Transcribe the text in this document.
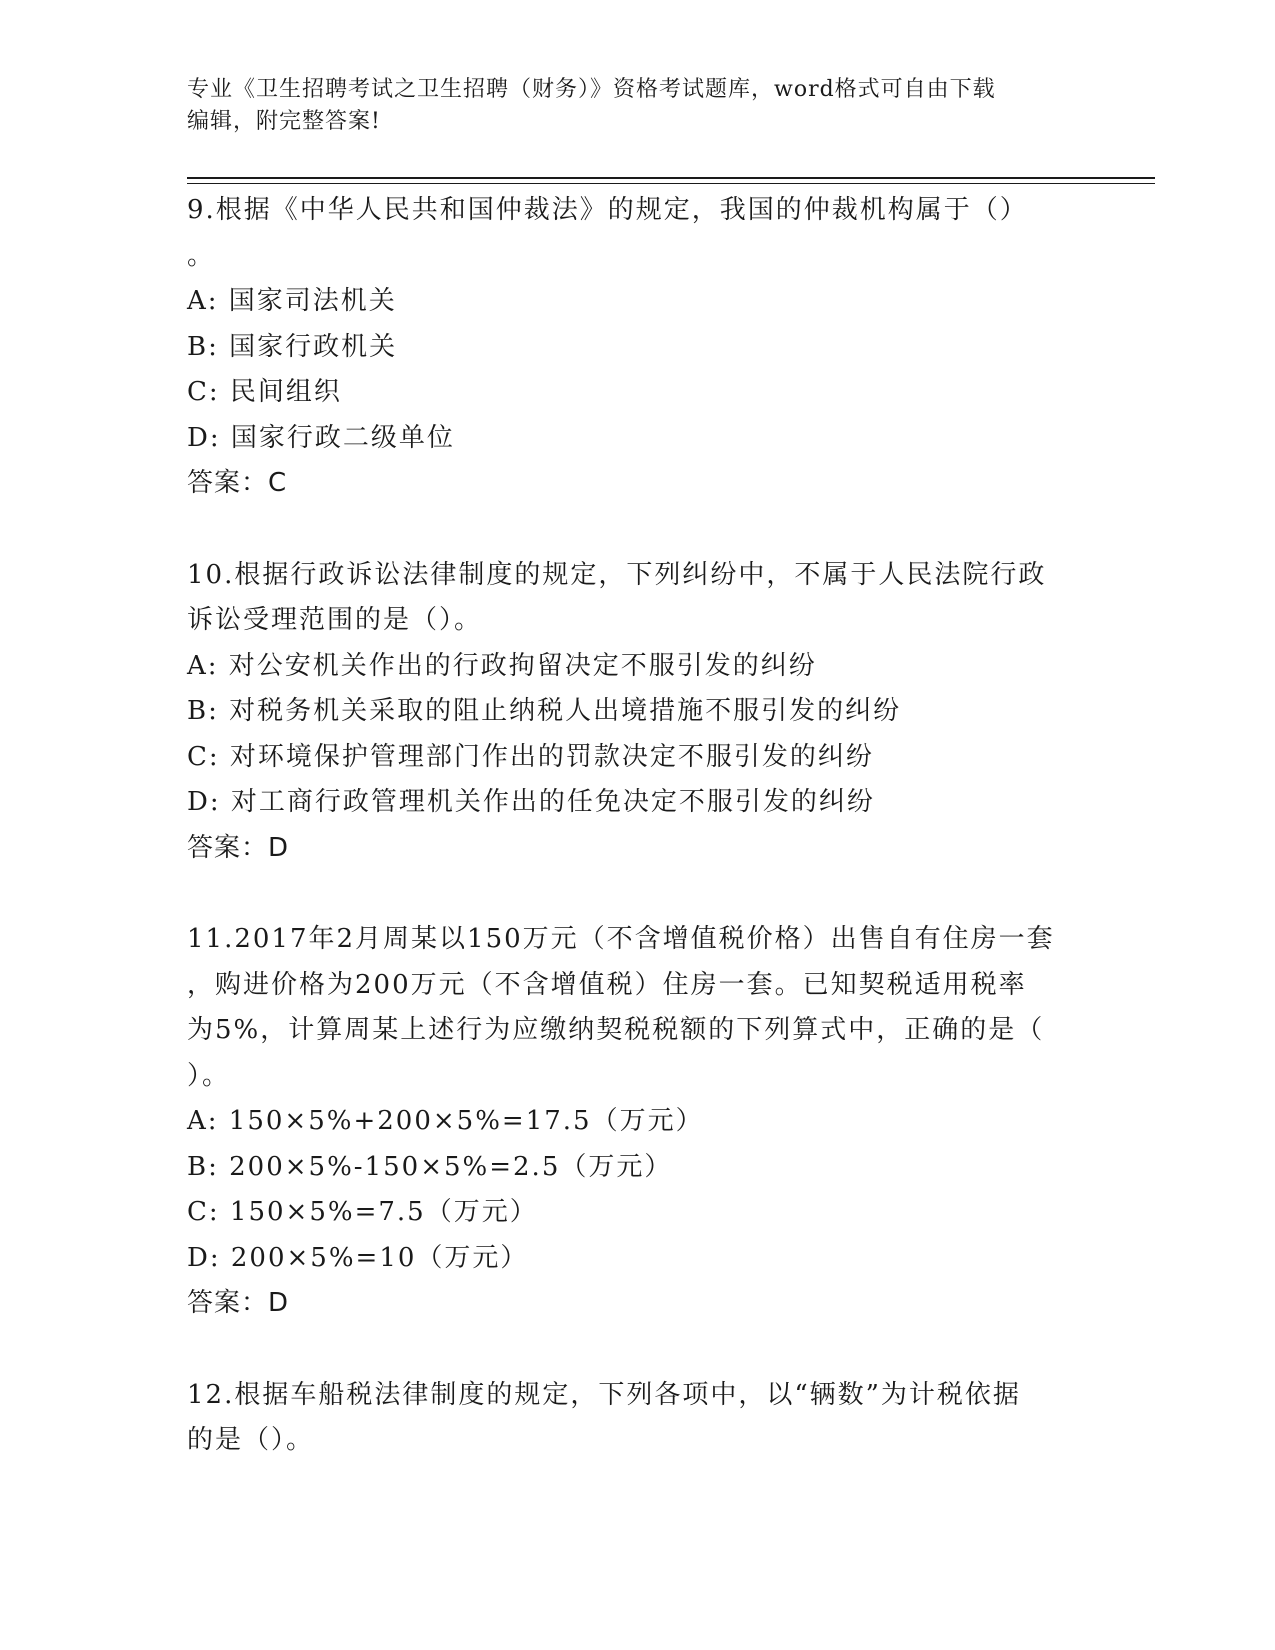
专业《卫生招聘考试之卫生招聘（财务）》资格考试题库，word格式可自由下载
编辑，附完整答案!
9.根据《中华人民共和国仲裁法》的规定，我国的仲裁机构属于（）
。
A: 国家司法机关
B: 国家行政机关
C: 民间组织
D: 国家行政二级单位
答案：C
10.根据行政诉讼法律制度的规定，下列纠纷中，不属于人民法院行政
诉讼受理范围的是（）。
A: 对公安机关作出的行政拘留决定不服引发的纠纷
B: 对税务机关采取的阻止纳税人出境措施不服引发的纠纷
C: 对环境保护管理部门作出的罚款决定不服引发的纠纷
D: 对工商行政管理机关作出的任免决定不服引发的纠纷
答案：D
11.2017年2月周某以150万元（不含增值税价格）出售自有住房一套
，购进价格为200万元（不含增值税）住房一套。已知契税适用税率
为5%，计算周某上述行为应缴纳契税税额的下列算式中，正确的是（
）。
A: 150×5%+200×5%=17.5（万元）
B: 200×5%-150×5%=2.5（万元）
C: 150×5%=7.5（万元）
D: 200×5%=10（万元）
答案：D
12.根据车船税法律制度的规定，下列各项中，以“辆数”为计税依据
的是（）。
